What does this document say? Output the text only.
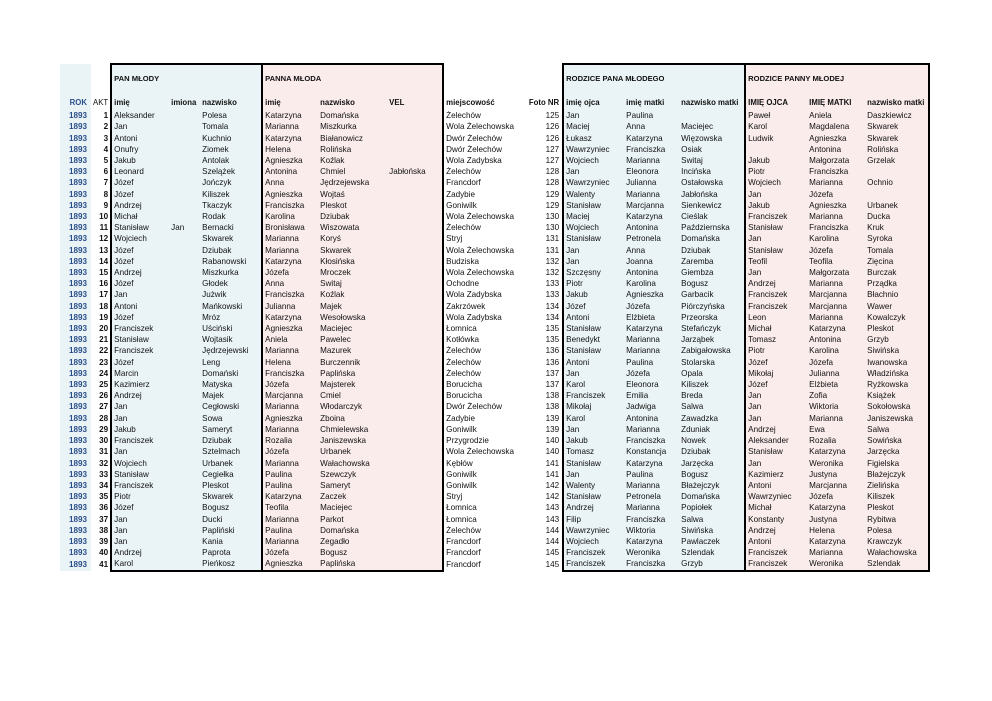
		PAN MŁODY			PANNA MŁODA					RODZICE PANA MŁODEGO			RODZICE PANNY MŁODEJ		
ROK	AKT	imię	imiona	nazwisko	imię	nazwisko	VEL	miejscowość	Foto NR	imię ojca	imię matki	nazwisko matki	IMIĘ OJCA	IMIĘ MATKI	nazwisko matki
1893	1	Aleksander		Polesa	Katarzyna	Domańska		Żelechów	125	Jan	Paulina		Paweł	Aniela	Daszkiewicz
1893	2	Jan		Tomala	Marianna	Miszkurka		Wola Żelechowska	126	Maciej	Anna	Maciejec	Karol	Magdalena	Skwarek
1893	3	Antoni		Kuchnio	Katarzyna	Białanowicz		Dwór Żelechów	126	Łukasz	Katarzyna	Więzowska	Ludwik	Agnieszka	Skwarek
1893	4	Onufry		Ziomek	Helena	Rolińska		Dwór Żelechów	127	Wawrzyniec	Franciszka	Osiak		Antonina	Rolińska
1893	5	Jakub		Antolak	Agnieszka	Koźlak		Wola Zadybska	127	Wojciech	Marianna	Switaj	Jakub	Małgorzata	Grzelak
1893	6	Leonard		Szelążek	Antonina	Chmiel	Jabłońska	Żelechów	128	Jan	Eleonora	Incińska	Piotr	Franciszka	
1893	7	Józef		Jończyk	Anna	Jędrzejewska		Francdorf	128	Wawrzyniec	Julianna	Ostałowska	Wojciech	Marianna	Ochnio
1893	8	Józef		Kiliszek	Agnieszka	Wojtaś		Zadybie	129	Walenty	Marianna	Jabłońska	Jan	Józefa	
1893	9	Andrzej		Tkaczyk	Franciszka	Pleskot		Goniwilk	129	Stanisław	Marcjanna	Sienkewicz	Jakub	Agnieszka	Urbanek
1893	10	Michał		Rodak	Karolina	Dziubak		Wola Żelechowska	130	Maciej	Katarzyna	Cieślak	Franciszek	Marianna	Ducka
1893	11	Stanisław	Jan	Bernacki	Bronisława	Wiszowata		Żelechów	130	Wojciech	Antonina	Październska	Stanisław	Franciszka	Kruk
1893	12	Wojciech		Skwarek	Marianna	Koryś		Stryj	131	Stanisław	Petronela	Domańska	Jan	Karolina	Syroka
1893	13	Józef		Dziubak	Marianna	Skwarek		Wola Żelechowska	131	Jan	Anna	Dziubak	Stanisław	Józefa	Tomala
1893	14	Józef		Rabanowski	Katarzyna	Kłosińska		Budziska	132	Jan	Joanna	Zaremba	Teofil	Teofila	Zięcina
1893	15	Andrzej		Miszkurka	Józefa	Mroczek		Wola Żelechowska	132	Szczęsny	Antonina	Giembza	Jan	Małgorzata	Burczak
1893	16	Józef		Głodek	Anna	Switaj		Ochodne	133	Piotr	Karolina	Bogusz	Andrzej	Marianna	Prządka
1893	17	Jan		Jużwik	Franciszka	Koźlak		Wola Zadybska	133	Jakub	Agnieszka	Garbacik	Franciszek	Marcjanna	Błachnio
1893	18	Antoni		Mańkowski	Julianna	Majek		Zakrzówek	134	Józef	Józefa	Piórczyńska	Franciszek	Marcjanna	Wawer
1893	19	Józef		Mróz	Katarzyna	Wesołowska		Wola Zadybska	134	Antoni	Elżbieta	Przeorska	Leon	Marianna	Kowalczyk
1893	20	Franciszek		Uściński	Agnieszka	Maciejec		Łomnica	135	Stanisław	Katarzyna	Stefańczyk	Michał	Katarzyna	Pleskot
1893	21	Stanisław		Wojtasik	Aniela	Pawelec		Kotłówka	135	Benedykt	Marianna	Jarząbek	Tomasz	Antonina	Grzyb
1893	22	Franciszek		Jędrzejewski	Marianna	Mazurek		Żelechów	136	Stanisław	Marianna	Zabigałowska	Piotr	Karolina	Siwińska
1893	23	Józef		Leng	Helena	Burczennik		Żelechów	136	Antoni	Paulina	Stolarska	Józef	Józefa	Iwanowska
1893	24	Marcin		Domański	Franciszka	Paplińska		Żelechów	137	Jan	Józefa	Opala	Mikołaj	Julianna	Władzińska
1893	25	Kazimierz		Matyska	Józefa	Majsterek		Borucicha	137	Karol	Eleonora	Kiliszek	Józef	Elżbieta	Ryżkowska
1893	26	Andrzej		Majek	Marcjanna	Cmiel		Borucicha	138	Franciszek	Emilia	Breda	Jan	Zofia	Książek
1893	27	Jan		Cegłowski	Marianna	Włodarczyk		Dwór Żelechów	138	Mikołaj	Jadwiga	Salwa	Jan	Wiktoria	Sokołowska
1893	28	Jan		Sowa	Agnieszka	Zboina		Zadybie	139	Karol	Antonina	Zawadzka	Jan	Marianna	Janiszewska
1893	29	Jakub		Sameryt	Marianna	Chmielewska		Goniwilk	139	Jan	Marianna	Zduniak	Andrzej	Ewa	Salwa
1893	30	Franciszek		Dziubak	Rozalia	Janiszewska		Przygrodzie	140	Jakub	Franciszka	Nowek	Aleksander	Rozalia	Sowińska
1893	31	Jan		Sztelmach	Józefa	Urbanek		Wola Żelechowska	140	Tomasz	Konstancja	Dziubak	Stanisław	Katarzyna	Jarzęcka
1893	32	Wojciech		Urbanek	Marianna	Wałachowska		Kębłów	141	Stanisław	Katarzyna	Jarzęcka	Jan	Weronika	Figielska
1893	33	Stanisław		Cegiełka	Paulina	Szewczyk		Goniwilk	141	Jan	Paulina	Bogusz	Kazimierz	Justyna	Błażejczyk
1893	34	Franciszek		Pleskot	Paulina	Sameryt		Goniwilk	142	Walenty	Marianna	Błażejczyk	Antoni	Marcjanna	Zielińska
1893	35	Piotr		Skwarek	Katarzyna	Zaczek		Stryj	142	Stanisław	Petronela	Domańska	Wawrzyniec	Józefa	Kiliszek
1893	36	Józef		Bogusz	Teofila	Maciejec		Łomnica	143	Andrzej	Marianna	Popiołek	Michał	Katarzyna	Pleskot
1893	37	Jan		Ducki	Marianna	Parkot		Łomnica	143	Filip	Franciszka	Salwa	Konstanty	Justyna	Rybitwa
1893	38	Jan		Papliński	Paulina	Domańska		Żelechów	144	Wawrzyniec	Wiktoria	Siwińska	Andrzej	Helena	Polesa
1893	39	Jan		Kania	Marianna	Zegadło		Francdorf	144	Wojciech	Katarzyna	Pawlaczek	Antoni	Katarzyna	Krawczyk
1893	40	Andrzej		Paprota	Józefa	Bogusz		Francdorf	145	Franciszek	Weronika	Szlendak	Franciszek	Marianna	Wałachowska
1893	41	Karol		Pieńkosz	Agnieszka	Paplińska		Francdorf	145	Franciszek	Franciszka	Grzyb	Franciszek	Weronika	Szlendak
